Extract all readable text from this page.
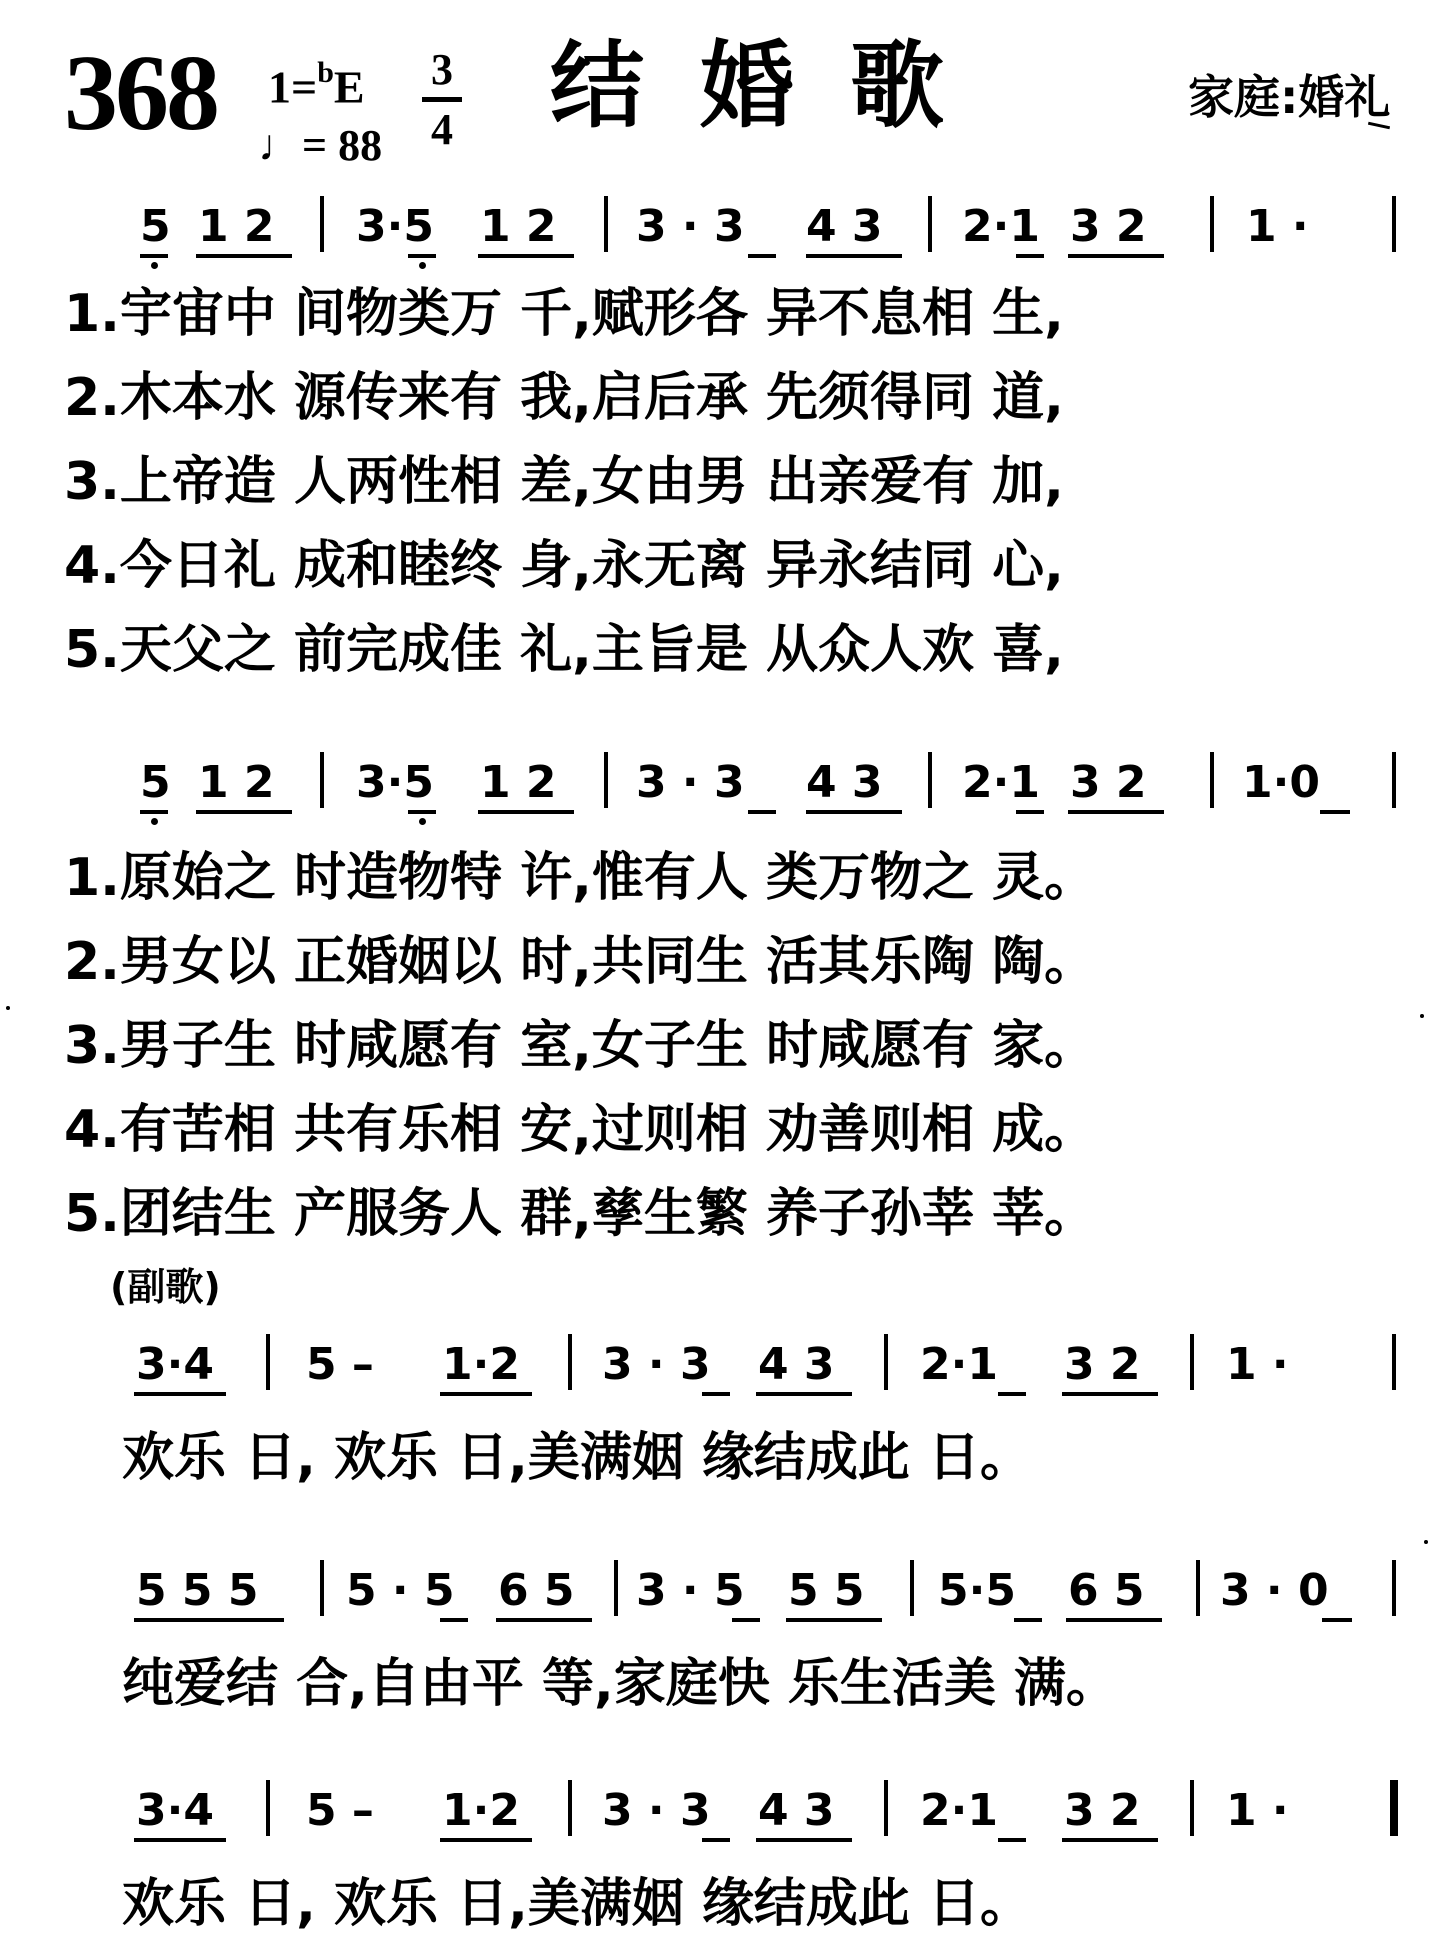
368 1=$^b$E 3
4
♩= 88
结婚歌	家庭:婚礼
5 1 2 3·5 1 2 3 · 3 4 3 2·1 3 2 1 ·
1.宇宙中 间物类万 千,赋形各 异不息相 生,
2.木本水 源传来有 我,启后承 先须得同 道,
3.上帝造 人两性相 差,女由男 出亲爱有 加,
4.今日礼 成和睦终 身,永无离 异永结同 心,
5.天父之 前完成佳 礼,主旨是 从众人欢 喜,
5 1 2 3·5 1 2 3 · 3 4 3 2·1 3 2 1·0
1.原始之 时造物特 许,惟有人 类万物之 灵。
2.男女以 正婚姻以 时,共同生 活其乐陶 陶。
3.男子生 时咸愿有 室,女子生 时咸愿有 家。
4.有苦相 共有乐相 安,过则相 劝善则相 成。
5.团结生 产服务人 群,孳生繁 养子孙莘 莘。
(副歌)
3·4 5 – 1·2 3 · 3 4 3 2·1 3 2 1 ·
欢乐 日, 欢乐 日,美满姻 缘结成此 日。
5 5 5 5 · 5 6 5 3 · 5 5 5 5·5 6 5 3 · 0
纯爱结 合,自由平 等,家庭快 乐生活美 满。
3·4 5 – 1·2 3 · 3 4 3 2·1 3 2 1 ·
欢乐 日, 欢乐 日,美满姻 缘结成此 日。
